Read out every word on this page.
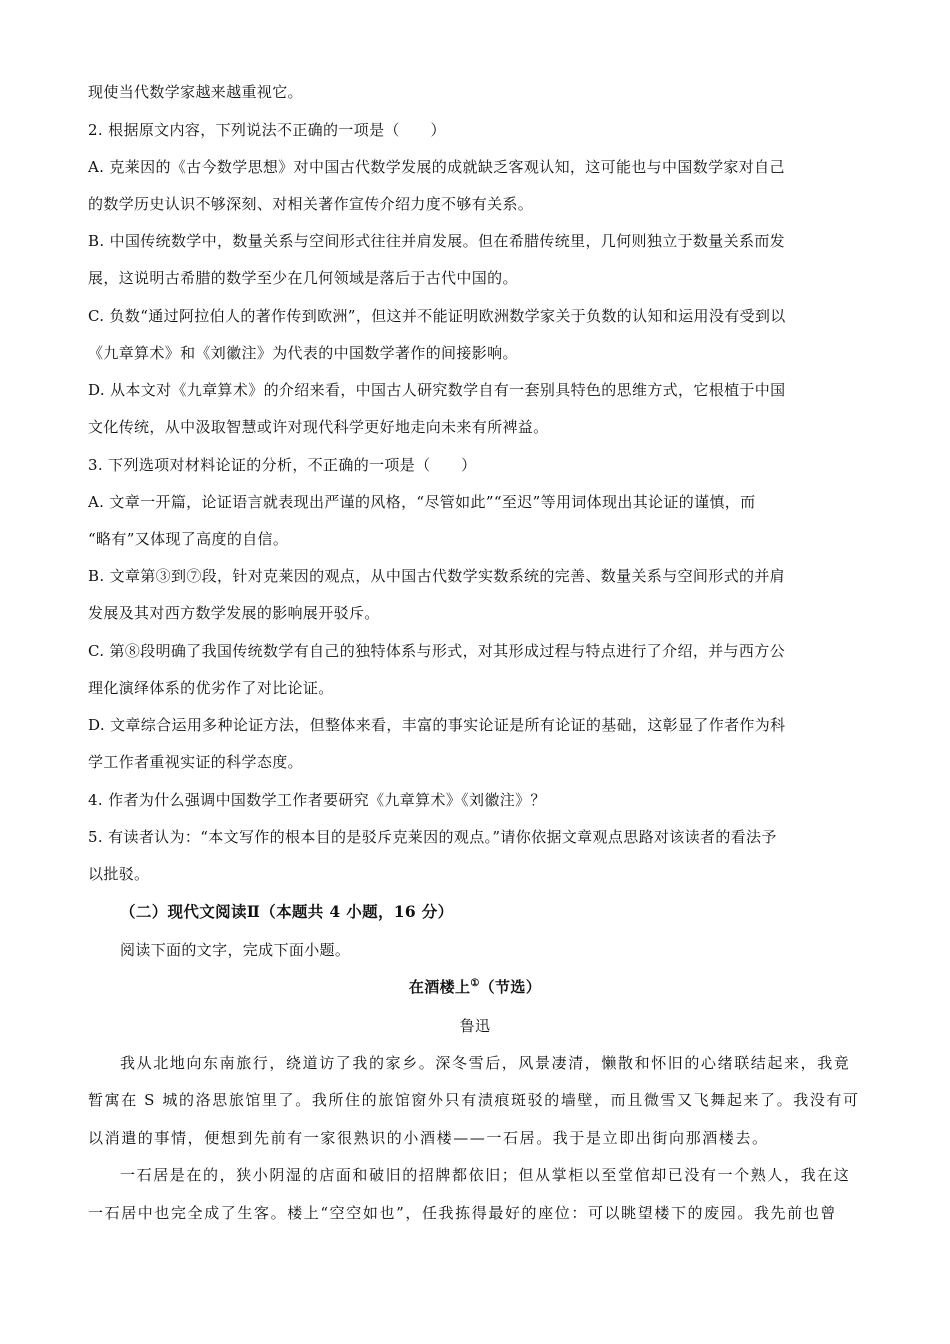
现使当代数学家越来越重视它。
2. 根据原文内容，下列说法不正确的一项是（　　）
A. 克莱因的《古今数学思想》对中国古代数学发展的成就缺乏客观认知，这可能也与中国数学家对自己
的数学历史认识不够深刻、对相关著作宣传介绍力度不够有关系。
B. 中国传统数学中，数量关系与空间形式往往并肩发展。但在希腊传统里，几何则独立于数量关系而发
展，这说明古希腊的数学至少在几何领域是落后于古代中国的。
C. 负数“通过阿拉伯人的著作传到欧洲”，但这并不能证明欧洲数学家关于负数的认知和运用没有受到以
《九章算术》和《刘徽注》为代表的中国数学著作的间接影响。
D. 从本文对《九章算术》的介绍来看，中国古人研究数学自有一套别具特色的思维方式，它根植于中国
文化传统，从中汲取智慧或许对现代科学更好地走向未来有所裨益。
3. 下列选项对材料论证的分析，不正确的一项是（　　）
A. 文章一开篇，论证语言就表现出严谨的风格，“尽管如此”“至迟”等用词体现出其论证的谨慎，而
“略有”又体现了高度的自信。
B. 文章第③到⑦段，针对克莱因的观点，从中国古代数学实数系统的完善、数量关系与空间形式的并肩
发展及其对西方数学发展的影响展开驳斥。
C. 第⑧段明确了我国传统数学有自己的独特体系与形式，对其形成过程与特点进行了介绍，并与西方公
理化演绎体系的优劣作了对比论证。
D. 文章综合运用多种论证方法，但整体来看，丰富的事实论证是所有论证的基础，这彰显了作者作为科
学工作者重视实证的科学态度。
4. 作者为什么强调中国数学工作者要研究《九章算术》《刘徽注》？
5. 有读者认为：“本文写作的根本目的是驳斥克莱因的观点。”请你依据文章观点思路对该读者的看法予
以批驳。
（二）现代文阅读Ⅱ（本题共 4 小题，16 分）
阅读下面的文字，完成下面小题。
在酒楼上①（节选）
鲁迅
我从北地向东南旅行，绕道访了我的家乡。深冬雪后，风景凄清，懒散和怀旧的心绪联结起来，我竟
暂寓在 S 城的洛思旅馆里了。我所住的旅馆窗外只有渍痕斑驳的墙壁，而且微雪又飞舞起来了。我没有可
以消遣的事情，便想到先前有一家很熟识的小酒楼——一石居。我于是立即出街向那酒楼去。
一石居是在的，狭小阴湿的店面和破旧的招牌都依旧；但从掌柜以至堂倌却已没有一个熟人，我在这
一石居中也完全成了生客。楼上“空空如也”，任我拣得最好的座位：可以眺望楼下的废园。我先前也曾
